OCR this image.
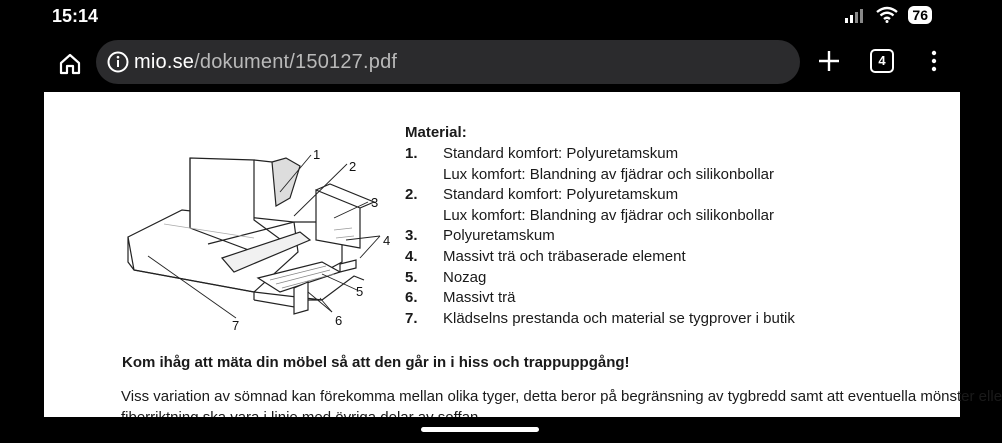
15:14	76
mio.se/dokument/150127.pdf	4
1
2
3
4
5
6
7
Material:
1.	Standard komfort: Polyuretamskum
Lux komfort: Blandning av fjädrar och silikonbollar
2.	Standard komfort: Polyuretamskum
Lux komfort: Blandning av fjädrar och silikonbollar
3.	Polyuretamskum
4.	Massivt trä och träbaserade element
5.	Nozag
6.	Massivt trä
7.	Klädselns prestanda och material se tygprover i butik
Kom ihåg att mäta din möbel så att den går in i hiss och trappuppgång!
Viss variation av sömnad kan förekomma mellan olika tyger, detta beror på begränsning av tygbredd samt att eventuella mönster elle
